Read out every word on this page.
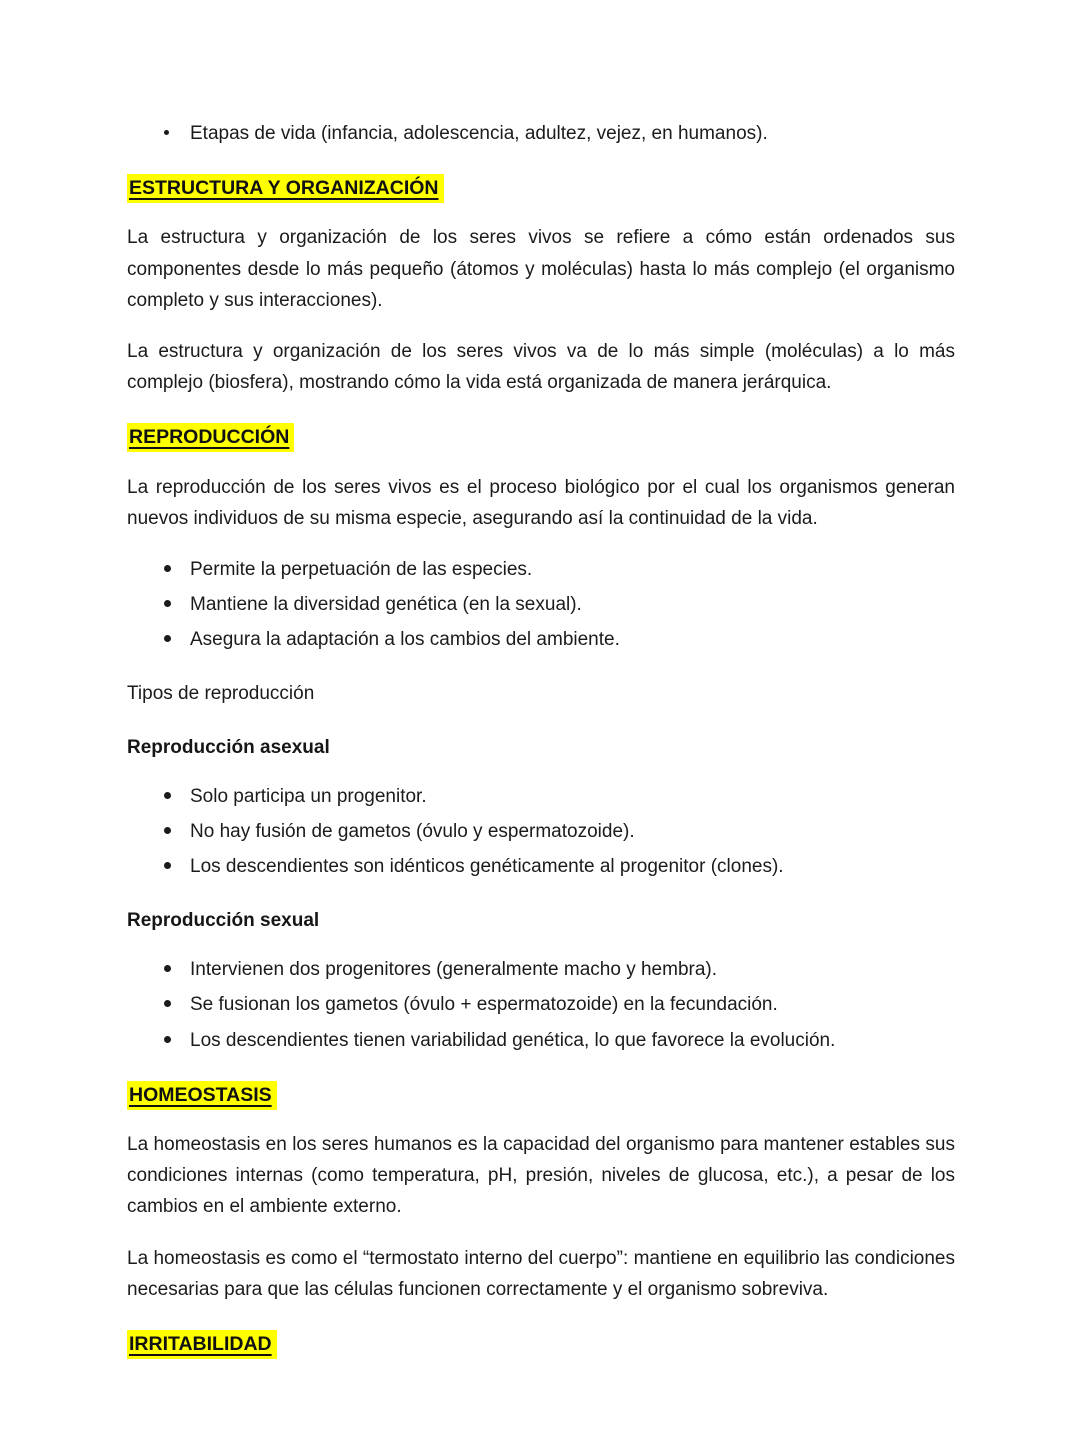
Etapas de vida (infancia, adolescencia, adultez, vejez, en humanos).
ESTRUCTURA Y ORGANIZACIÓN

La estructura y organización de los seres vivos se refiere a cómo están ordenados sus componentes desde lo más pequeño (átomos y moléculas) hasta lo más complejo (el organismo completo y sus interacciones).

La estructura y organización de los seres vivos va de lo más simple (moléculas) a lo más complejo (biosfera), mostrando cómo la vida está organizada de manera jerárquica.

REPRODUCCIÓN

La reproducción de los seres vivos es el proceso biológico por el cual los organismos generan nuevos individuos de su misma especie, asegurando así la continuidad de la vida.

Permite la perpetuación de las especies.
Mantiene la diversidad genética (en la sexual).
Asegura la adaptación a los cambios del ambiente.

Tipos de reproducción

Reproducción asexual
Solo participa un progenitor.
No hay fusión de gametos (óvulo y espermatozoide).
Los descendientes son idénticos genéticamente al progenitor (clones).
Reproducción sexual
Intervienen dos progenitores (generalmente macho y hembra).
Se fusionan los gametos (óvulo + espermatozoide) en la fecundación.
Los descendientes tienen variabilidad genética, lo que favorece la evolución.
HOMEOSTASIS

La homeostasis en los seres humanos es la capacidad del organismo para mantener estables sus condiciones internas (como temperatura, pH, presión, niveles de glucosa, etc.), a pesar de los cambios en el ambiente externo.

La homeostasis es como el “termostato interno del cuerpo”: mantiene en equilibrio las condiciones necesarias para que las células funcionen correctamente y el organismo sobreviva.

IRRITABILIDAD
